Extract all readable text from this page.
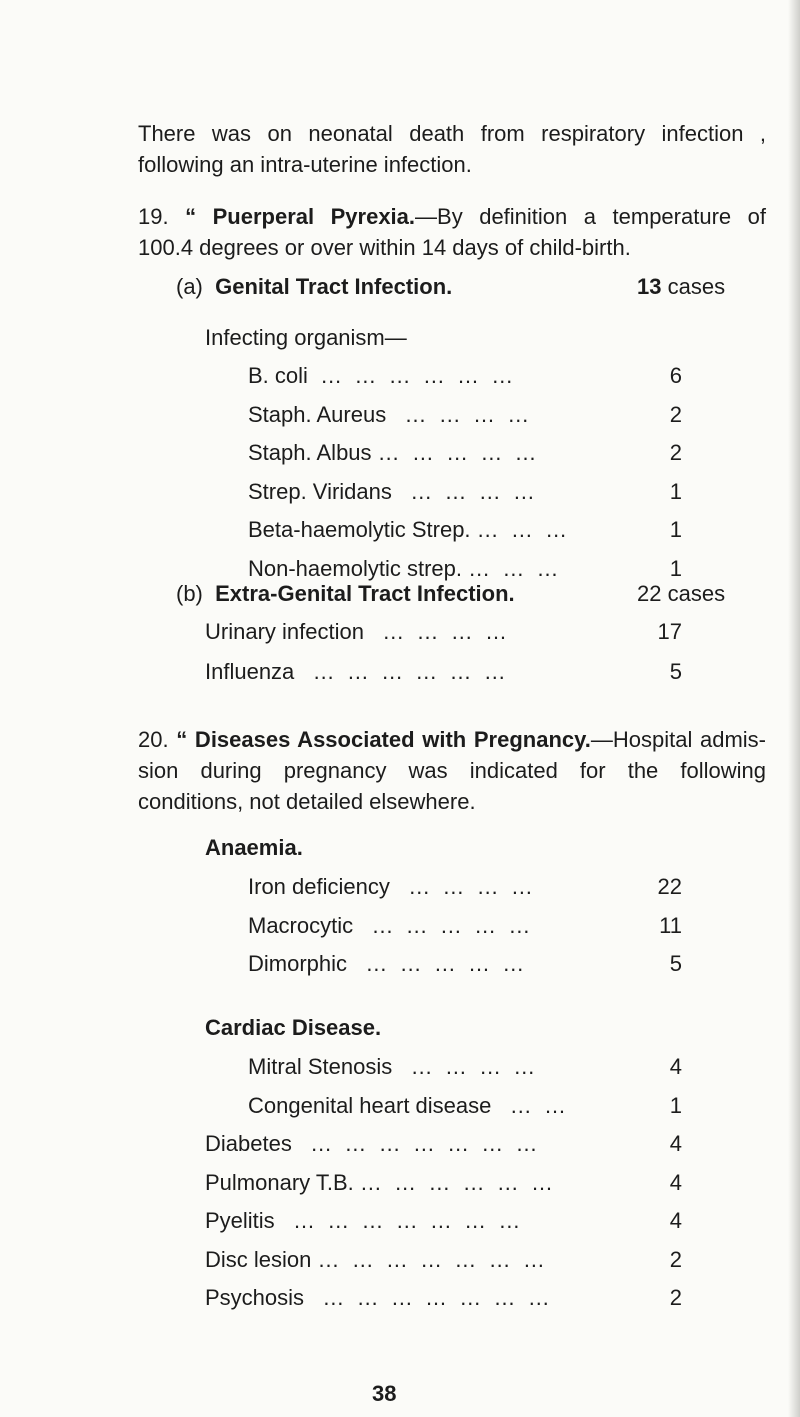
There was on neonatal death from respiratory infection ,

following an intra-uterine infection.

19. “ Puerperal Pyrexia.—By definition a temperature of

100.4 degrees or over within 14 days of child-birth.

(a) Genital Tract Infection.	13 cases
Infecting organism—
B. coli  …  …  …  …  …  …	6
Staph. Aureus   …  …  …  …	2
Staph. Albus …  …  …  …  …	2
Strep. Viridans   …  …  …  …	1
Beta-haemolytic Strep. …  …  …	1
Non-haemolytic strep. …  …  …	1
(b) Extra-Genital Tract Infection.	22 cases
Urinary infection   …  …  …  …	17
Influenza   …  …  …  …  …  …	5

20. “ Diseases Associated with Pregnancy.—Hospital admis-

sion during pregnancy was indicated for the following

conditions, not detailed elsewhere.

Anaemia.
Iron deficiency   …  …  …  …	22
Macrocytic   …  …  …  …  …	11
Dimorphic   …  …  …  …  …	5
Cardiac Disease.
Mitral Stenosis   …  …  …  …	4
Congenital heart disease   …  …	1
Diabetes   …  …  …  …  …  …  …	4
Pulmonary T.B. …  …  …  …  …  …	4
Pyelitis   …  …  …  …  …  …  …	4
Disc lesion …  …  …  …  …  …  …	2
Psychosis   …  …  …  …  …  …  …	2
38
